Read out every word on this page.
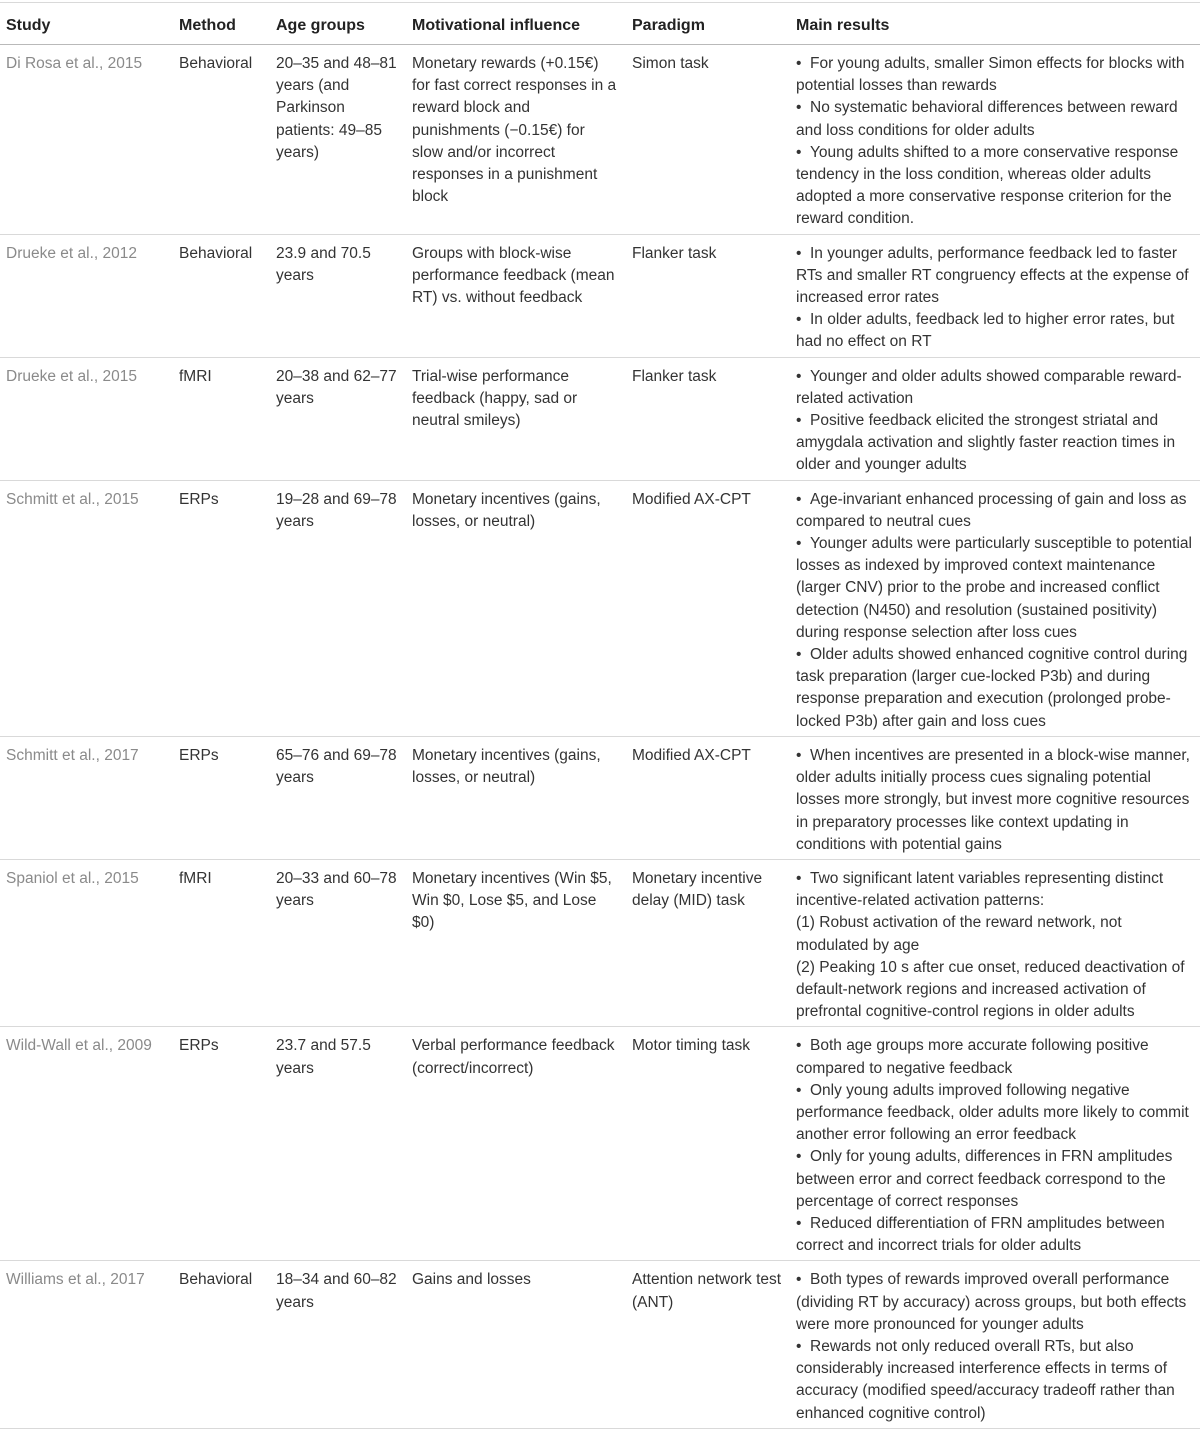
Study	Method	Age groups	Motivational influence	Paradigm	Main results
Di Rosa et al., 2015	Behavioral	20–35 and 48–81 years (and Parkinson patients: 49–85 years)	Monetary rewards (+0.15€) for fast correct responses in a reward block and punishments (−0.15€) for slow and/or incorrect responses in a punishment block	Simon task	• For young adults, smaller Simon effects for blocks with potential losses than rewards
• No systematic behavioral differences between reward and loss conditions for older adults
• Young adults shifted to a more conservative response tendency in the loss condition, whereas older adults adopted a more conservative response criterion for the reward condition.

Drueke et al., 2012	Behavioral	23.9 and 70.5 years	Groups with block-wise performance feedback (mean RT) vs. without feedback	Flanker task	• In younger adults, performance feedback led to faster RTs and smaller RT congruency effects at the expense of increased error rates
• In older adults, feedback led to higher error rates, but had no effect on RT

Drueke et al., 2015	fMRI	20–38 and 62–77 years	Trial-wise performance feedback (happy, sad or neutral smileys)	Flanker task	• Younger and older adults showed comparable reward-related activation
• Positive feedback elicited the strongest striatal and amygdala activation and slightly faster reaction times in older and younger adults

Schmitt et al., 2015	ERPs	19–28 and 69–78 years	Monetary incentives (gains, losses, or neutral)	Modified AX-CPT	• Age-invariant enhanced processing of gain and loss as compared to neutral cues
• Younger adults were particularly susceptible to potential losses as indexed by improved context maintenance (larger CNV) prior to the probe and increased conflict detection (N450) and resolution (sustained positivity) during response selection after loss cues
• Older adults showed enhanced cognitive control during task preparation (larger cue-locked P3b) and during response preparation and execution (prolonged probe-locked P3b) after gain and loss cues

Schmitt et al., 2017	ERPs	65–76 and 69–78 years	Monetary incentives (gains, losses, or neutral)	Modified AX-CPT	• When incentives are presented in a block-wise manner, older adults initially process cues signaling potential losses more strongly, but invest more cognitive resources in preparatory processes like context updating in conditions with potential gains

Spaniol et al., 2015	fMRI	20–33 and 60–78 years	Monetary incentives (Win $5, Win $0, Lose $5, and Lose $0)	Monetary incentive delay (MID) task	• Two significant latent variables representing distinct incentive-related activation patterns:
(1) Robust activation of the reward network, not modulated by age
(2) Peaking 10 s after cue onset, reduced deactivation of default-network regions and increased activation of prefrontal cognitive-control regions in older adults

Wild-Wall et al., 2009	ERPs	23.7 and 57.5 years	Verbal performance feedback (correct/incorrect)	Motor timing task	• Both age groups more accurate following positive compared to negative feedback
• Only young adults improved following negative performance feedback, older adults more likely to commit another error following an error feedback
• Only for young adults, differences in FRN amplitudes between error and correct feedback correspond to the percentage of correct responses
• Reduced differentiation of FRN amplitudes between correct and incorrect trials for older adults

Williams et al., 2017	Behavioral	18–34 and 60–82 years	Gains and losses	Attention network test (ANT)	• Both types of rewards improved overall performance (dividing RT by accuracy) across groups, but both effects were more pronounced for younger adults
• Rewards not only reduced overall RTs, but also considerably increased interference effects in terms of accuracy (modified speed/accuracy tradeoff rather than enhanced cognitive control)
